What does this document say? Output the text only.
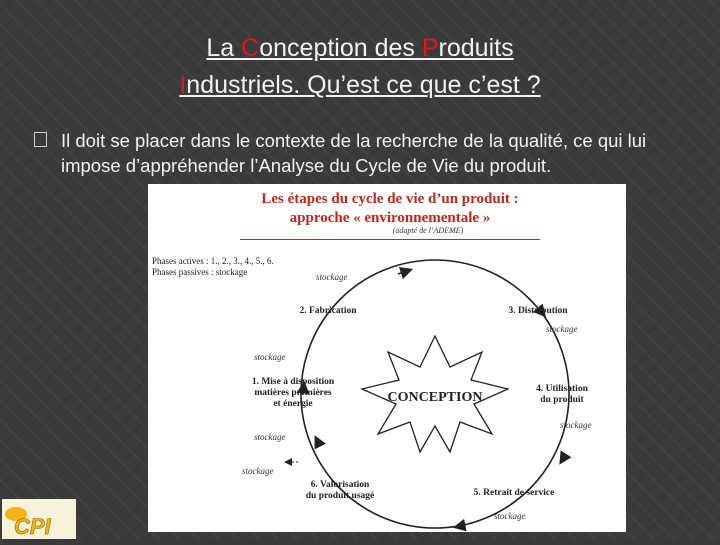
La Conception des Produits
Industriels. Qu’est ce que c’est ?
Il doit se placer dans le contexte de la recherche de la qualité, ce qui lui impose d’appréhender l’Analyse du Cycle de Vie du produit.
Les étapes du cycle de vie d’un produit :
approche « environnementale »
(adapté de l’ADEME)
Phases actives : 1., 2., 3., 4., 5., 6.
Phases passives : stockage
1. Mise à disposition
matières premières
et énergie
2. Fabrication	3. Distribution
4. Utilisation
du produit
5. Retrait de service
6. Valorisation
du produit usagé
stockage
stockage
stockage
stockage
stockage
stockage
stockage
CONCEPTION
CPI
